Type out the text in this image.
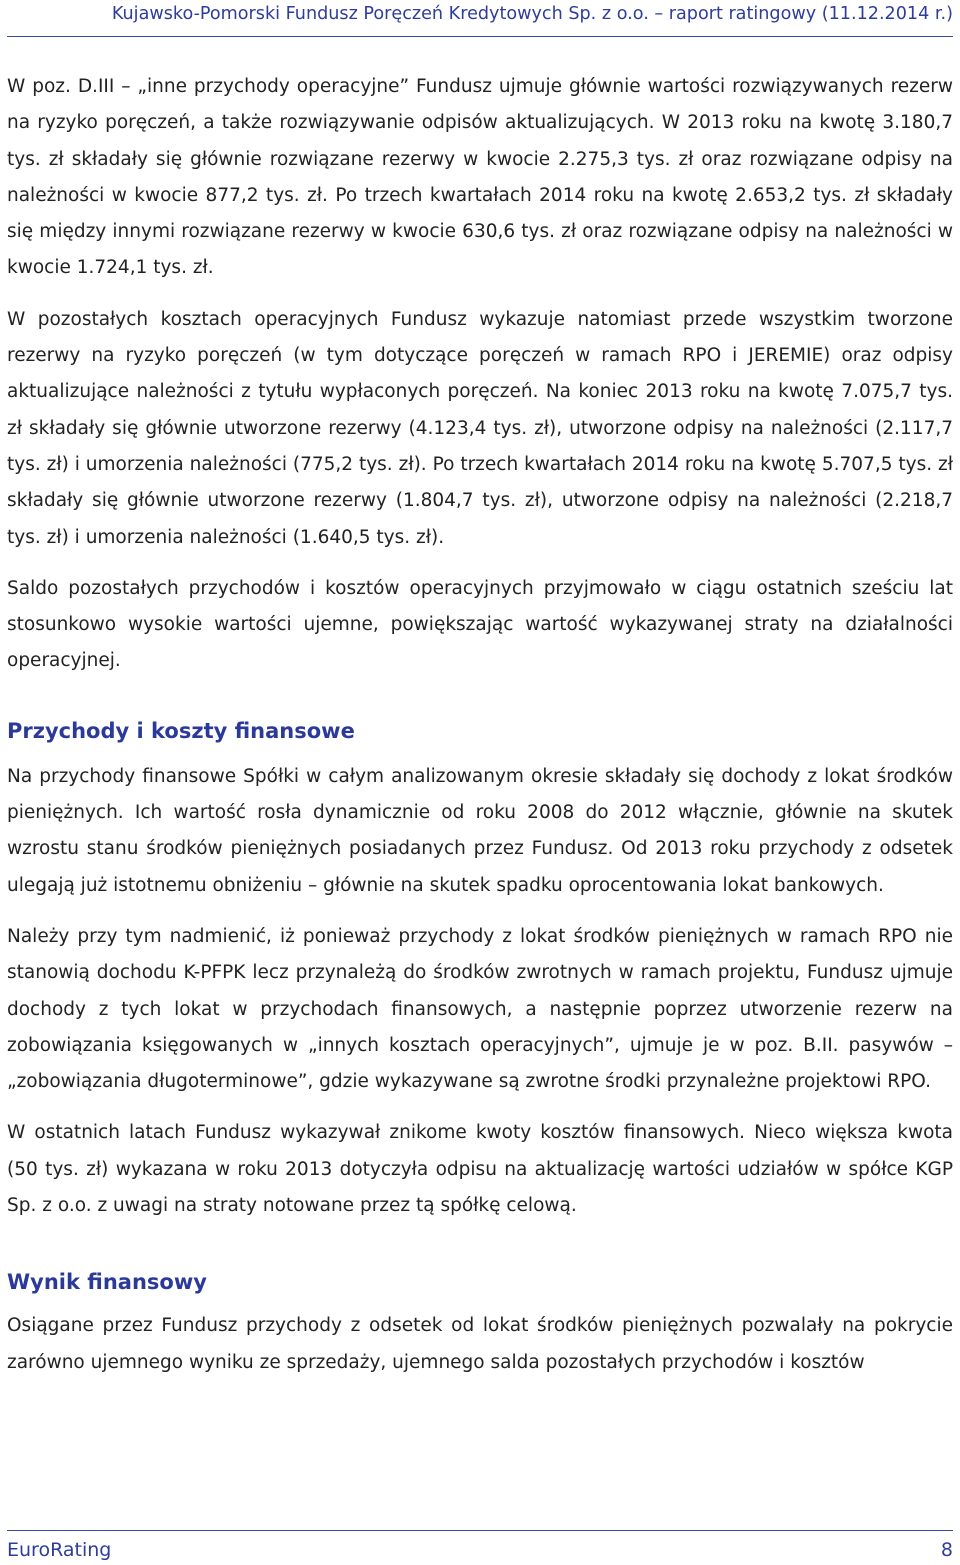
Kujawsko-Pomorski Fundusz Poręczeń Kredytowych Sp. z o.o. – raport ratingowy (11.12.2014 r.)

W poz. D.III – „inne przychody operacyjne” Fundusz ujmuje głównie wartości rozwiązywanych rezerw na ryzyko poręczeń, a także rozwiązywanie odpisów aktualizujących. W 2013 roku na kwotę 3.180,7 tys. zł składały się głównie rozwiązane rezerwy w kwocie 2.275,3 tys. zł oraz rozwiązane odpisy na należności w kwocie 877,2 tys. zł. Po trzech kwartałach 2014 roku na kwotę 2.653,2 tys. zł składały się między innymi rozwiązane rezerwy w kwocie 630,6 tys. zł oraz rozwiązane odpisy na należności w kwocie 1.724,1 tys. zł.

W pozostałych kosztach operacyjnych Fundusz wykazuje natomiast przede wszystkim tworzone rezerwy na ryzyko poręczeń (w tym dotyczące poręczeń w ramach RPO i JEREMIE) oraz odpisy aktualizujące należności z tytułu wypłaconych poręczeń. Na koniec 2013 roku na kwotę 7.075,7 tys. zł składały się głównie utworzone rezerwy (4.123,4 tys. zł), utworzone odpisy na należności (2.117,7 tys. zł) i umorzenia należności (775,2 tys. zł). Po trzech kwartałach 2014 roku na kwotę 5.707,5 tys. zł składały się głównie utworzone rezerwy (1.804,7 tys. zł), utworzone odpisy na należności (2.218,7 tys. zł) i umorzenia należności (1.640,5 tys. zł).

Saldo pozostałych przychodów i kosztów operacyjnych przyjmowało w ciągu ostatnich sześciu lat stosunkowo wysokie wartości ujemne, powiększając wartość wykazywanej straty na działalności operacyjnej.

Przychody i koszty finansowe

Na przychody finansowe Spółki w całym analizowanym okresie składały się dochody z lokat środków pieniężnych. Ich wartość rosła dynamicznie od roku 2008 do 2012 włącznie, głównie na skutek wzrostu stanu środków pieniężnych posiadanych przez Fundusz. Od 2013 roku przychody z odsetek ulegają już istotnemu obniżeniu – głównie na skutek spadku oprocentowania lokat bankowych.

Należy przy tym nadmienić, iż ponieważ przychody z lokat środków pieniężnych w ramach RPO nie stanowią dochodu K-PFPK lecz przynależą do środków zwrotnych w ramach projektu, Fundusz ujmuje dochody z tych lokat w przychodach finansowych, a następnie poprzez utworzenie rezerw na zobowiązania księgowanych w „innych kosztach operacyjnych”, ujmuje je w poz. B.II. pasywów – „zobowiązania długoterminowe”, gdzie wykazywane są zwrotne środki przynależne projektowi RPO.

W ostatnich latach Fundusz wykazywał znikome kwoty kosztów finansowych. Nieco większa kwota (50 tys. zł) wykazana w roku 2013 dotyczyła odpisu na aktualizację wartości udziałów w spółce KGP Sp. z o.o. z uwagi na straty notowane przez tą spółkę celową.

Wynik finansowy

Osiągane przez Fundusz przychody z odsetek od lokat środków pieniężnych pozwalały na pokrycie zarówno ujemnego wyniku ze sprzedaży, ujemnego salda pozostałych przychodów i kosztów

EuroRating	8
